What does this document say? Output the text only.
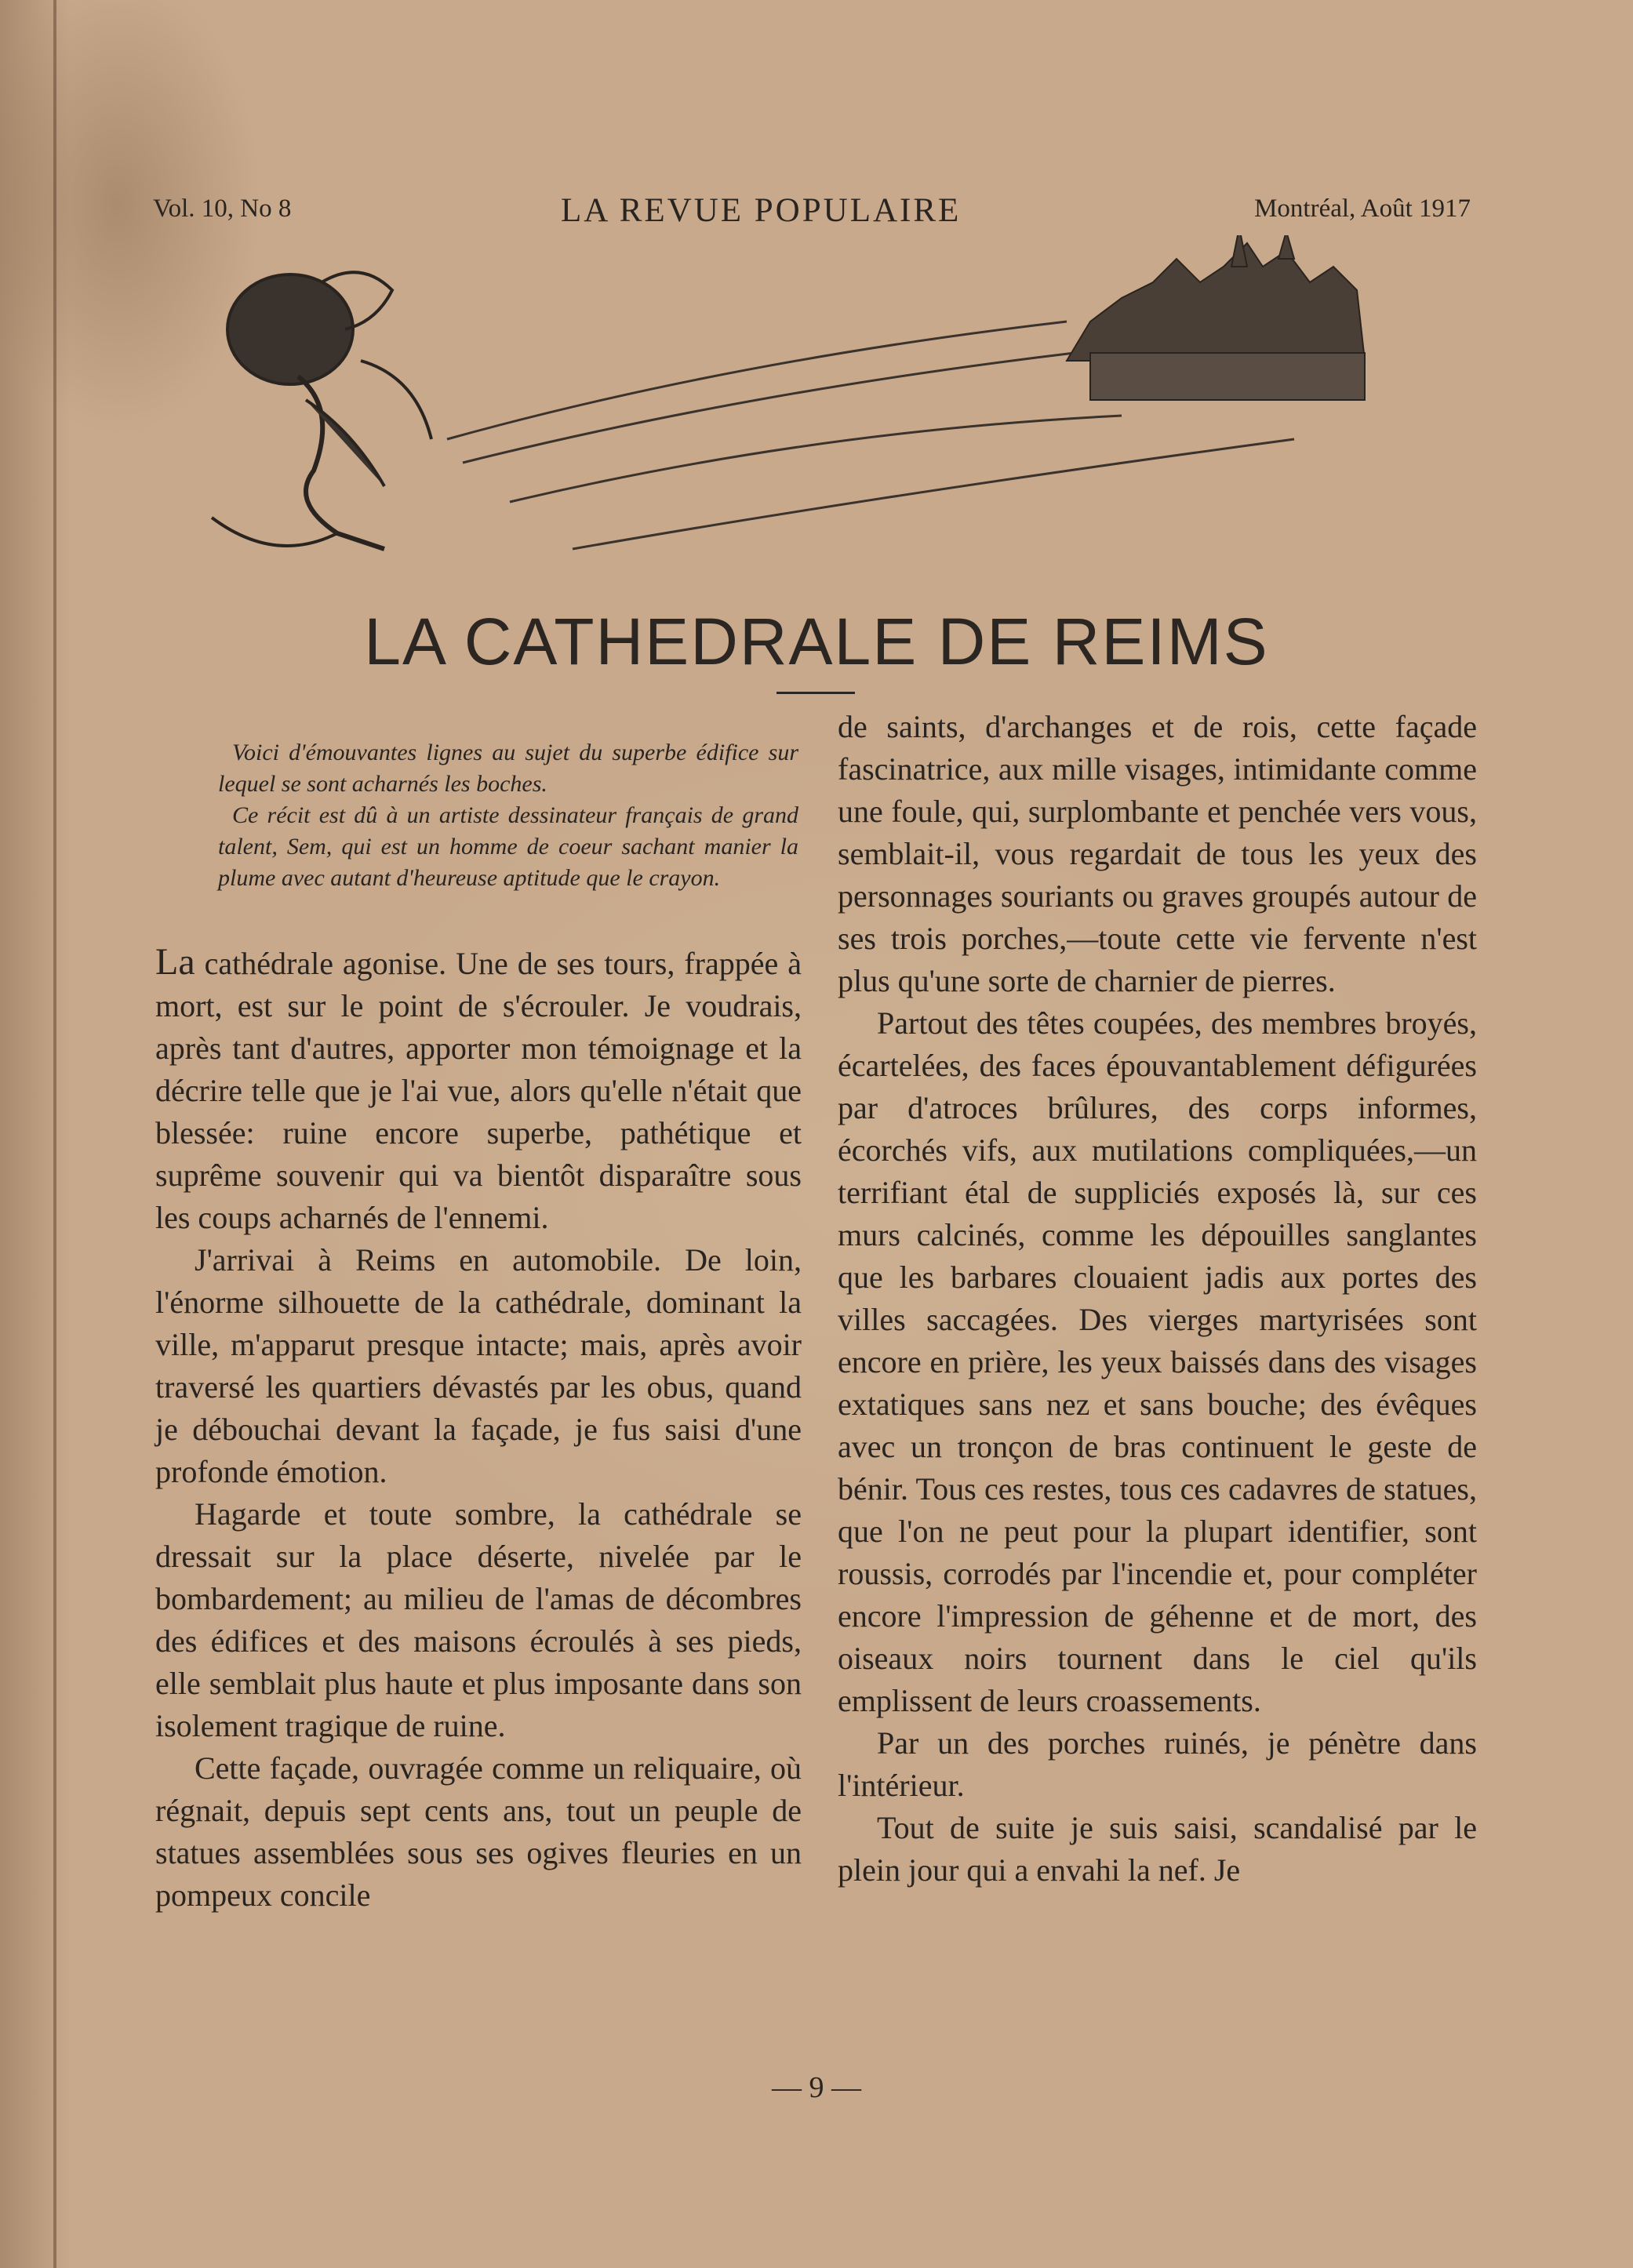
Vol. 10, No 8	LA REVUE POPULAIRE	Montréal, Août 1917
LA CATHEDRALE DE REIMS

Voici d'émouvantes lignes au sujet du superbe édifice sur lequel se sont acharnés les boches.

Ce récit est dû à un artiste dessinateur français de grand talent, Sem, qui est un homme de coeur sachant manier la plume avec autant d'heureuse aptitude que le crayon.

La cathédrale agonise. Une de ses tours, frappée à mort, est sur le point de s'écrouler. Je voudrais, après tant d'autres, apporter mon témoignage et la décrire telle que je l'ai vue, alors qu'elle n'était que blessée: ruine encore superbe, pathétique et suprême souvenir qui va bientôt disparaître sous les coups acharnés de l'ennemi.

J'arrivai à Reims en automobile. De loin, l'énorme silhouette de la cathédrale, dominant la ville, m'apparut presque intacte; mais, après avoir traversé les quartiers dévastés par les obus, quand je débouchai devant la façade, je fus saisi d'une profonde émotion.

Hagarde et toute sombre, la cathédrale se dressait sur la place déserte, nivelée par le bombardement; au milieu de l'amas de décombres des édifices et des maisons écroulés à ses pieds, elle semblait plus haute et plus imposante dans son isolement tragique de ruine.

Cette façade, ouvragée comme un reliquaire, où régnait, depuis sept cents ans, tout un peuple de statues assemblées sous ses ogives fleuries en un pompeux concile

de saints, d'archanges et de rois, cette façade fascinatrice, aux mille visages, intimidante comme une foule, qui, surplombante et penchée vers vous, semblait-il, vous regardait de tous les yeux des personnages souriants ou graves groupés autour de ses trois porches,—toute cette vie fervente n'est plus qu'une sorte de charnier de pierres.

Partout des têtes coupées, des membres broyés, écartelées, des faces épouvantablement défigurées par d'atroces brûlures, des corps informes, écorchés vifs, aux mutilations compliquées,—un terrifiant étal de suppliciés exposés là, sur ces murs calcinés, comme les dépouilles sanglantes que les barbares clouaient jadis aux portes des villes saccagées. Des vierges martyrisées sont encore en prière, les yeux baissés dans des visages extatiques sans nez et sans bouche; des évêques avec un tronçon de bras continuent le geste de bénir. Tous ces restes, tous ces cadavres de statues, que l'on ne peut pour la plupart identifier, sont roussis, corrodés par l'incendie et, pour compléter encore l'impression de géhenne et de mort, des oiseaux noirs tournent dans le ciel qu'ils emplissent de leurs croassements.

Par un des porches ruinés, je pénètre dans l'intérieur.

Tout de suite je suis saisi, scandalisé par le plein jour qui a envahi la nef. Je

— 9 —
